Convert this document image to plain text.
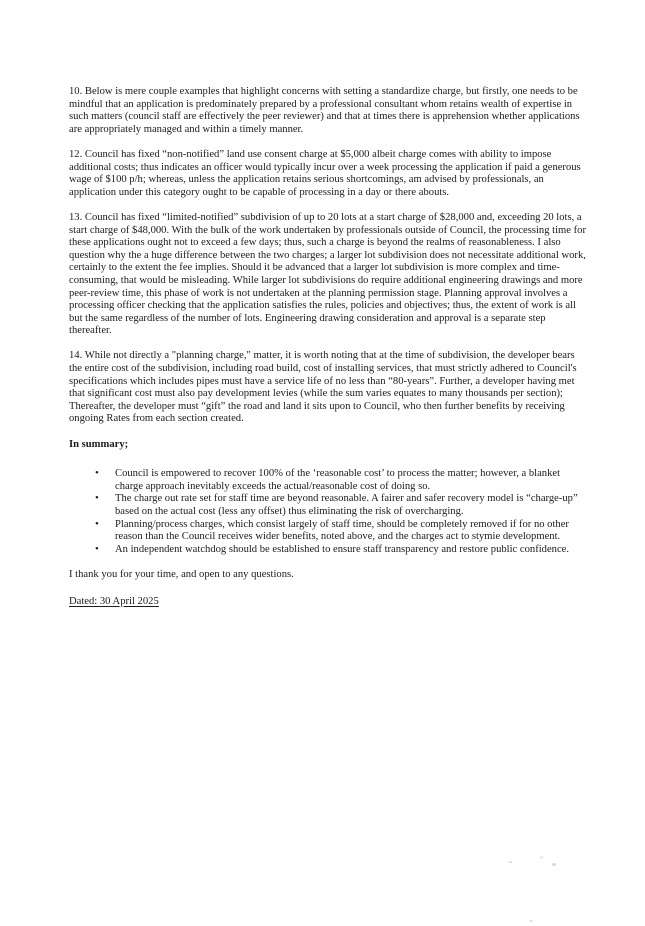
10. Below is mere couple examples that highlight concerns with setting a standardize charge, but firstly, one needs to be mindful that an application is predominately prepared by a professional consultant whom retains wealth of expertise in such matters (council staff are effectively the peer reviewer) and that at times there is apprehension whether applications are appropriately managed and within a timely manner.

12. Council has fixed “non-notified” land use consent charge at $5,000 albeit charge comes with ability to impose additional costs; thus indicates an officer would typically incur over a week processing the application if paid a generous wage of $100 p/h; whereas, unless the application retains serious shortcomings, am advised by professionals, an application under this category ought to be capable of processing in a day or there abouts.

13. Council has fixed “limited-notified” subdivision of up to 20 lots at a start charge of $28,000 and, exceeding 20 lots, a start charge of $48,000. With the bulk of the work undertaken by professionals outside of Council, the processing time for these applications ought not to exceed a few days; thus, such a charge is beyond the realms of reasonableness. I also question why the a huge difference between the two charges; a larger lot subdivision does not necessitate additional work, certainly to the extent the fee implies. Should it be advanced that a larger lot subdivision is more complex and time-consuming, that would be misleading. While larger lot subdivisions do require additional engineering drawings and more peer-review time, this phase of work is not undertaken at the planning permission stage. Planning approval involves a processing officer checking that the application satisfies the rules, policies and objectives; thus, the extent of work is all but the same regardless of the number of lots. Engineering drawing consideration and approval is a separate step thereafter.

14. While not directly a "planning charge," matter, it is worth noting that at the time of subdivision, the developer bears the entire cost of the subdivision, including road build, cost of installing services, that must strictly adhered to Council's specifications which includes pipes must have a service life of no less than “80-years”. Further, a developer having met that significant cost must also pay development levies (while the sum varies equates to many thousands per section); Thereafter, the developer must “gift” the road and land it sits upon to Council, who then further benefits by receiving ongoing Rates from each section created.

In summary;

• Council is empowered to recover 100% of the ‘reasonable cost’ to process the matter; however, a blanket charge approach inevitably exceeds the actual/reasonable cost of doing so.
• The charge out rate set for staff time are beyond reasonable. A fairer and safer recovery model is “charge-up” based on the actual cost (less any offset) thus eliminating the risk of overcharging.
• Planning/process charges, which consist largely of staff time, should be completely removed if for no other reason than the Council receives wider benefits, noted above, and the charges act to stymie development.
• An independent watchdog should be established to ensure staff transparency and restore public confidence.

I thank you for your time, and open to any questions.

Dated: 30 April 2025
